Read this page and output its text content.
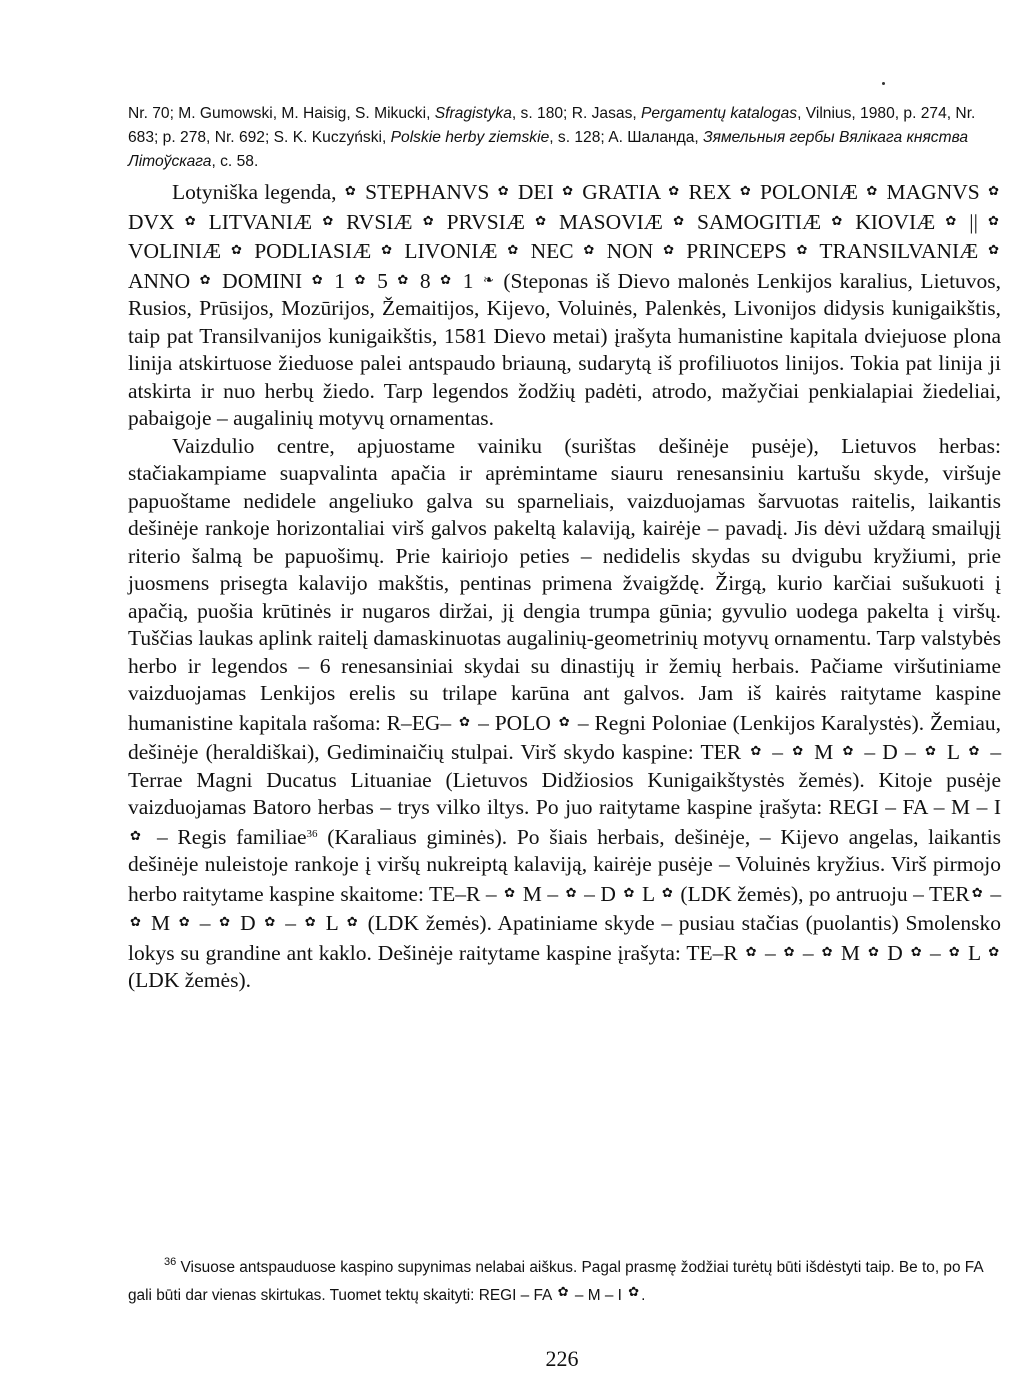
Nr. 70; M. Gumowski, M. Haisig, S. Mikucki, Sfragistyka, s. 180; R. Jasas, Pergamentų katalogas, Vilnius, 1980, p. 274, Nr. 683; p. 278, Nr. 692; S. K. Kuczyński, Polskie herby ziemskie, s. 128; A. Шаланда, Зямельныя гербы Вялікага княства Літоўскага, c. 58.

Lotyniška legenda, ✿ STEPHANVS ✿ DEI ✿ GRATIA ✿ REX ✿ POLONIÆ ✿ MAGNVS ✿ DVX ✿ LITVANIÆ ✿ RVSIÆ ✿ PRVSIÆ ✿ MASOVIÆ ✿ SAMOGITIÆ ✿ KIOVIÆ ✿ || ✿ VOLINIÆ ✿ PODLIASIÆ ✿ LIVONIÆ ✿ NEC ✿ NON ✿ PRINCEPS ✿ TRANSILVANIÆ ✿ ANNO ✿ DOMINI ✿ 1 ✿ 5 ✿ 8 ✿ 1 ❧ (Steponas iš Dievo malonės Lenkijos karalius, Lietuvos, Rusios, Prūsijos, Mozūrijos, Žemaitijos, Kijevo, Voluinės, Palenkės, Livonijos didysis kunigaikštis, taip pat Transilvanijos kunigaikštis, 1581 Dievo metai) įrašyta humanistine kapitala dviejuose plona linija atskirtuose žieduose palei antspaudo briauną, sudarytą iš profiliuotos linijos. Tokia pat linija ji atskirta ir nuo herbų žiedo. Tarp legendos žodžių padėti, atrodo, mažyčiai penkialapiai žiedeliai, pabaigoje – augalinių motyvų ornamentas.

Vaizdulio centre, apjuostame vainiku (surištas dešinėje pusėje), Lietuvos herbas: stačiakampiame suapvalinta apačia ir aprėmintame siauru renesansiniu kartušu skyde, viršuje papuoštame nedidele angeliuko galva su sparneliais, vaizduojamas šarvuotas raitelis, laikantis dešinėje rankoje horizontaliai virš galvos pakeltą kalaviją, kairėje – pavadį. Jis dėvi uždarą smailųjį riterio šalmą be papuošimų. Prie kairiojo peties – nedidelis skydas su dvigubu kryžiumi, prie juosmens prisegta kalavijo makštis, pentinas primena žvaigždę. Žirgą, kurio karčiai sušukuoti į apačią, puošia krūtinės ir nugaros diržai, jį dengia trumpa gūnia; gyvulio uodega pakelta į viršų. Tuščias laukas aplink raitelį damaskinuotas augalinių-geometrinių motyvų ornamentu. Tarp valstybės herbo ir legendos – 6 renesansiniai skydai su dinastijų ir žemių herbais. Pačiame viršutiniame vaizduojamas Lenkijos erelis su trilape karūna ant galvos. Jam iš kairės raitytame kaspine humanistine kapitala rašoma: R–EG– ✿ – POLO ✿ – Regni Poloniae (Lenkijos Karalystės). Žemiau, dešinėje (heraldiškai), Gediminaičių stulpai. Virš skydo kaspine: TER ✿ – ✿ M ✿ – D – ✿ L ✿ – Terrae Magni Ducatus Lituaniae (Lietuvos Didžiosios Kunigaikštystės žemės). Kitoje pusėje vaizduojamas Batoro herbas – trys vilko iltys. Po juo raitytame kaspine įrašyta: REGI – FA – M – I ✿ – Regis familiae$^{36}$ (Karaliaus giminės). Po šiais herbais, dešinėje, – Kijevo angelas, laikantis dešinėje nuleistoje rankoje į viršų nukreiptą kalaviją, kairėje pusėje – Voluinės kryžius. Virš pirmojo herbo raitytame kaspine skaitome: TE–R – ✿ M – ✿ – D ✿ L ✿ (LDK žemės), po antruoju – TER ✿ – ✿ M ✿ – ✿ D ✿ – ✿ L ✿ (LDK žemės). Apatiniame skyde – pusiau stačias (puolantis) Smolensko lokys su grandine ant kaklo. Dešinėje raitytame kaspine įrašyta: TE–R ✿ – ✿ – ✿ M ✿ D ✿ – ✿ L ✿ (LDK žemės).

$^{36}$ Visuose antspauduose kaspino supynimas nelabai aiškus. Pagal prasmę žodžiai turėtų būti išdėstyti taip. Be to, po FA gali būti dar vienas skirtukas. Tuomet tektų skaityti: REGI – FA ✿ – M – I ✿ .

226
